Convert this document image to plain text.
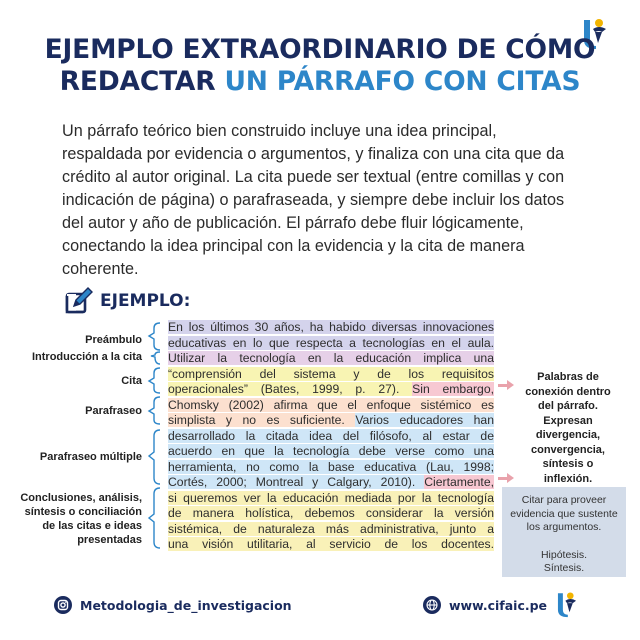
EJEMPLO EXTRAORDINARIO DE CÓMO
REDACTAR UN PÁRRAFO CON CITAS
Un párrafo teórico bien construido incluye una idea principal,
respaldada por evidencia o argumentos, y finaliza con una cita que da
crédito al autor original. La cita puede ser textual (entre comillas y con
indicación de página) o parafraseada, y siempre debe incluir los datos
del autor y año de publicación. El párrafo debe fluir lógicamente,
conectando la idea principal con la evidencia y la cita de manera
coherente.
EJEMPLO:
Preámbulo
Introducción a la cita
Cita
Parafraseo
Parafraseo múltiple
Conclusiones, análisis,
síntesis o conciliación
de las citas e ideas
presentadas
En los últimos 30 años, ha habido diversas innovaciones
educativas en lo que respecta a tecnologías en el aula.
Utilizar la tecnología en la educación implica una
“comprensión del sistema y de los requisitos
operacionales” (Bates, 1999, p. 27). Sin embargo,
Chomsky (2002) afirma que el enfoque sistémico es
simplista y no es suficiente. Varios educadores han
desarrollado la citada idea del filósofo, al estar de
acuerdo en que la tecnología debe verse como una
herramienta, no como la base educativa (Lau, 1998;
Cortés, 2000; Montreal y Calgary, 2010). Ciertamente,
si queremos ver la educación mediada por la tecnología
de manera holística, debemos considerar la versión
sistémica, de naturaleza más administrativa, junto a
una visión utilitaria, al servicio de los docentes.
Palabras de
conexión dentro
del párrafo.
Expresan
divergencia,
convergencia,
síntesis o
inflexión.
Citar para proveer
evidencia que sustente
los argumentos.
Hipótesis.
Síntesis.
Metodologia_de_investigacion	www.cifaic.pe
